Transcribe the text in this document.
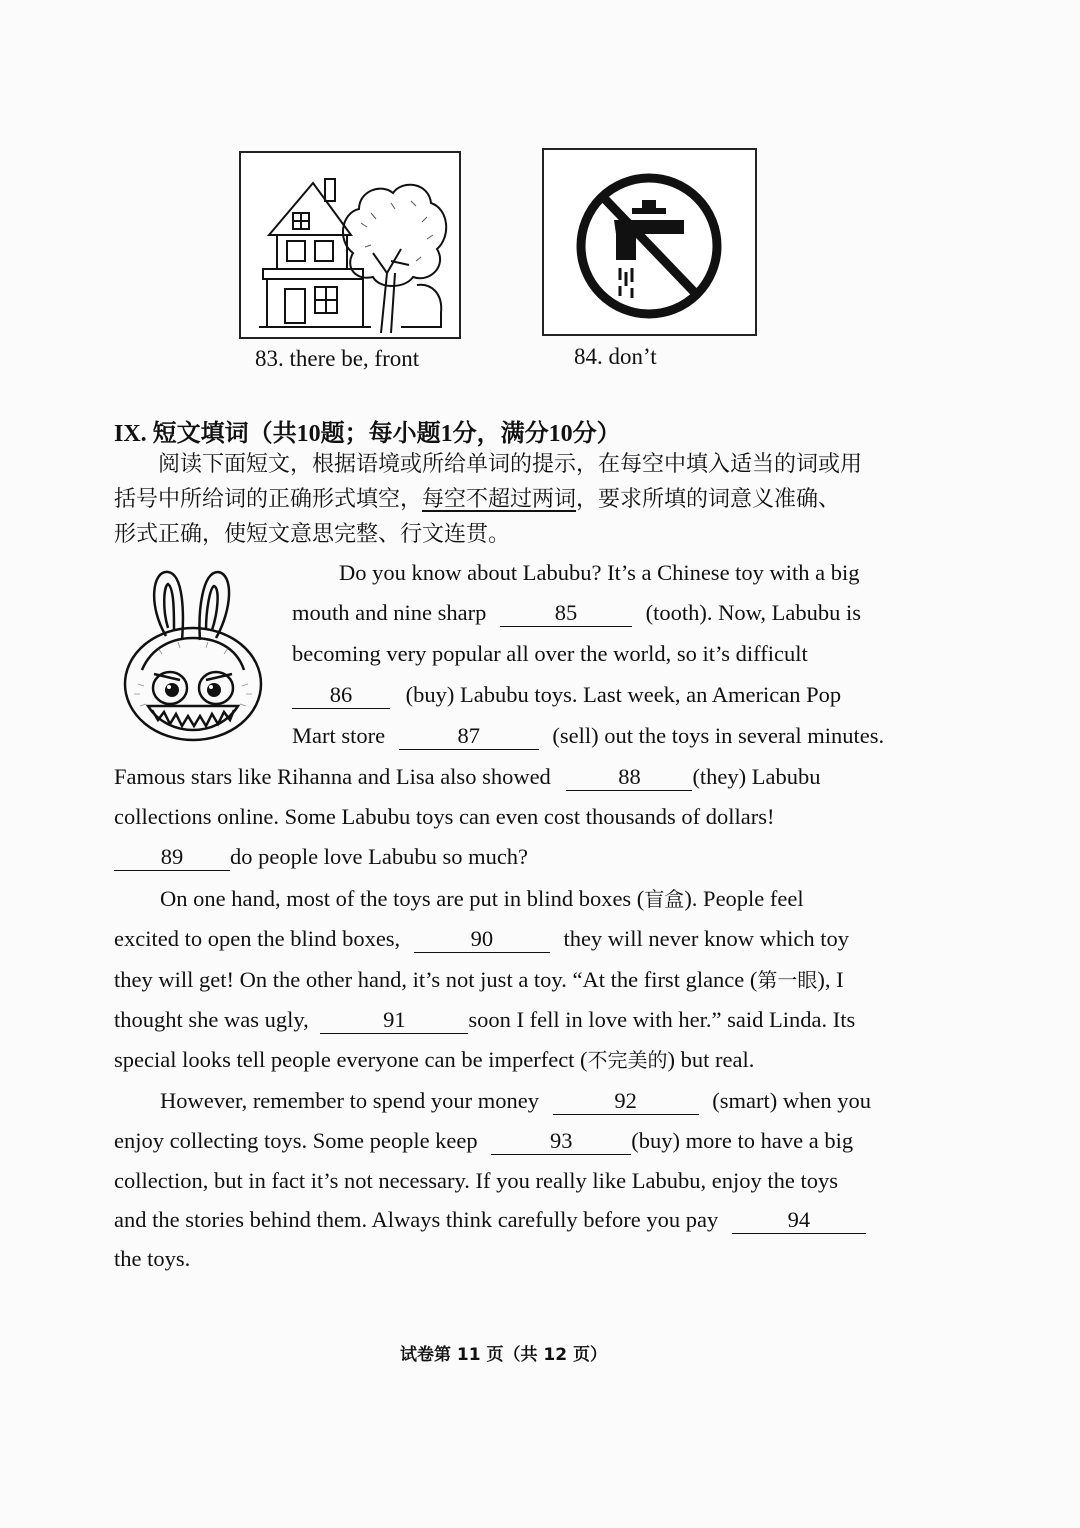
83. there be, front	84. don’t
IX. 短文填词（共10题；每小题1分，满分10分）
阅读下面短文，根据语境或所给单词的提示，在每空中填入适当的词或用
括号中所给词的正确形式填空，每空不超过两词，要求所填的词意义准确、
形式正确，使短文意思完整、行文连贯。
Do you know about Labubu? It’s a Chinese toy with a big
mouth and nine sharp	85	(tooth). Now, Labubu is
becoming very popular all over the world, so it’s difficult
86 (buy) Labubu toys. Last week, an American Pop
Mart store	87	(sell) out the toys in several minutes.
Famous stars like Rihanna and Lisa also showed	88 (they) Labubu
collections online. Some Labubu toys can even cost thousands of dollars!
89 do people love Labubu so much?
On one hand, most of the toys are put in blind boxes (盲盒). People feel
excited to open the blind boxes,	90	they will never know which toy
they will get! On the other hand, it’s not just a toy. “At the first glance (第一眼), I
thought she was ugly,	91	soon I fell in love with her.” said Linda. Its
special looks tell people everyone can be imperfect (不完美的) but real.
However, remember to spend your money	92	(smart) when you
enjoy collecting toys. Some people keep	93	(buy) more to have a big
collection, but in fact it’s not necessary. If you really like Labubu, enjoy the toys
and the stories behind them. Always think carefully before you pay	94
the toys.
试卷第 11 页（共 12 页）
